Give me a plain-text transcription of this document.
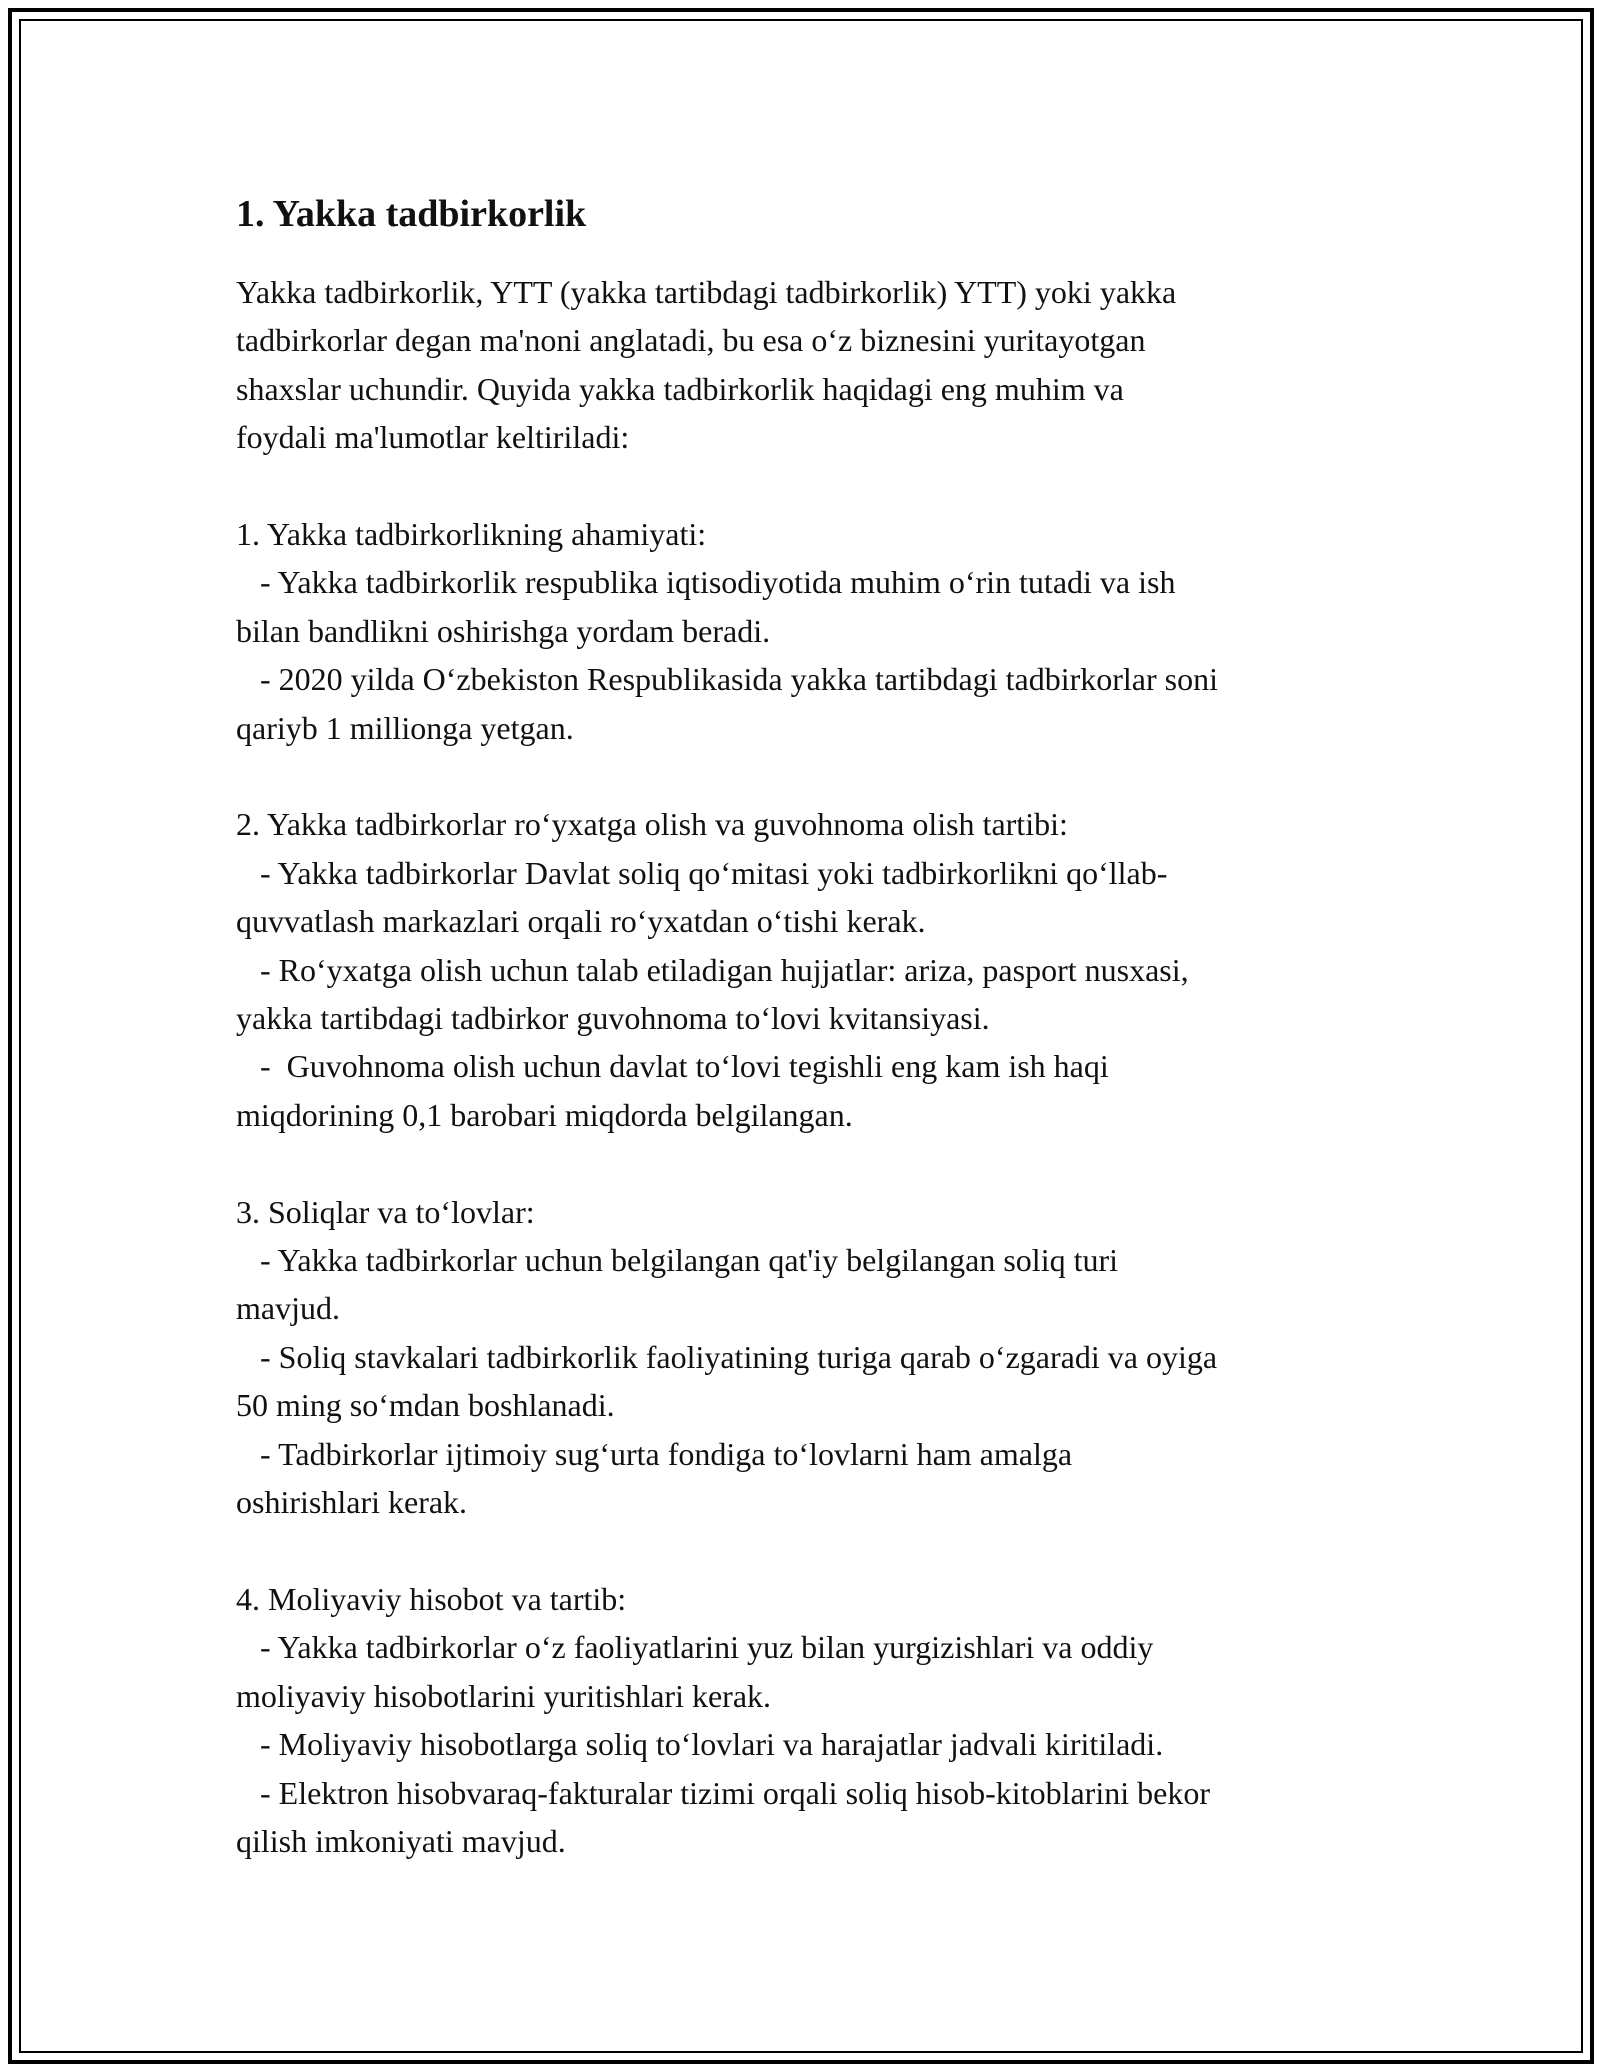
1. Yakka tadbirkorlik
Yakka tadbirkorlik, YTT (yakka tartibdagi tadbirkorlik) YTT) yoki yakka
tadbirkorlar degan ma'noni anglatadi, bu esa o‘z biznesini yuritayotgan
shaxslar uchundir. Quyida yakka tadbirkorlik haqidagi eng muhim va
foydali ma'lumotlar keltiriladi:
1. Yakka tadbirkorlikning ahamiyati:
- Yakka tadbirkorlik respublika iqtisodiyotida muhim o‘rin tutadi va ish
bilan bandlikni oshirishga yordam beradi.
- 2020 yilda O‘zbekiston Respublikasida yakka tartibdagi tadbirkorlar soni
qariyb 1 millionga yetgan.
2. Yakka tadbirkorlar ro‘yxatga olish va guvohnoma olish tartibi:
- Yakka tadbirkorlar Davlat soliq qo‘mitasi yoki tadbirkorlikni qo‘llab-
quvvatlash markazlari orqali ro‘yxatdan o‘tishi kerak.
- Ro‘yxatga olish uchun talab etiladigan hujjatlar: ariza, pasport nusxasi,
yakka tartibdagi tadbirkor guvohnoma to‘lovi kvitansiyasi.
-  Guvohnoma olish uchun davlat to‘lovi tegishli eng kam ish haqi
miqdorining 0,1 barobari miqdorda belgilangan.
3. Soliqlar va to‘lovlar:
- Yakka tadbirkorlar uchun belgilangan qat'iy belgilangan soliq turi
mavjud.
- Soliq stavkalari tadbirkorlik faoliyatining turiga qarab o‘zgaradi va oyiga
50 ming so‘mdan boshlanadi.
- Tadbirkorlar ijtimoiy sug‘urta fondiga to‘lovlarni ham amalga
oshirishlari kerak.
4. Moliyaviy hisobot va tartib:
- Yakka tadbirkorlar o‘z faoliyatlarini yuz bilan yurgizishlari va oddiy
moliyaviy hisobotlarini yuritishlari kerak.
- Moliyaviy hisobotlarga soliq to‘lovlari va harajatlar jadvali kiritiladi.
- Elektron hisobvaraq-fakturalar tizimi orqali soliq hisob-kitoblarini bekor
qilish imkoniyati mavjud.
